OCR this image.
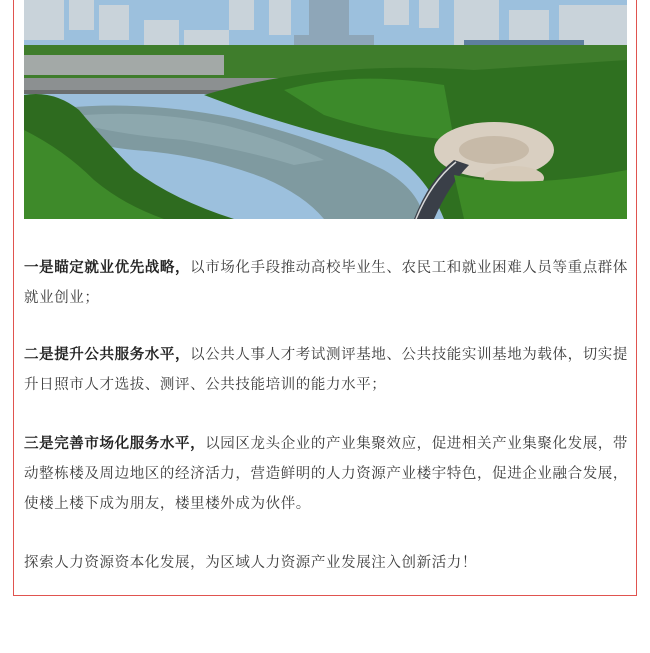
一是瞄定就业优先战略，以市场化手段推动高校毕业生、农民工和就业困难人员等重点群体就业创业；

二是提升公共服务水平，以公共人事人才考试测评基地、公共技能实训基地为载体，切实提升日照市人才选拔、测评、公共技能培训的能力水平；

三是完善市场化服务水平，以园区龙头企业的产业集聚效应，促进相关产业集聚化发展，带动整栋楼及周边地区的经济活力，营造鲜明的人力资源产业楼宇特色，促进企业融合发展，使楼上楼下成为朋友，楼里楼外成为伙伴。

探索人力资源资本化发展，为区域人力资源产业发展注入创新活力！
